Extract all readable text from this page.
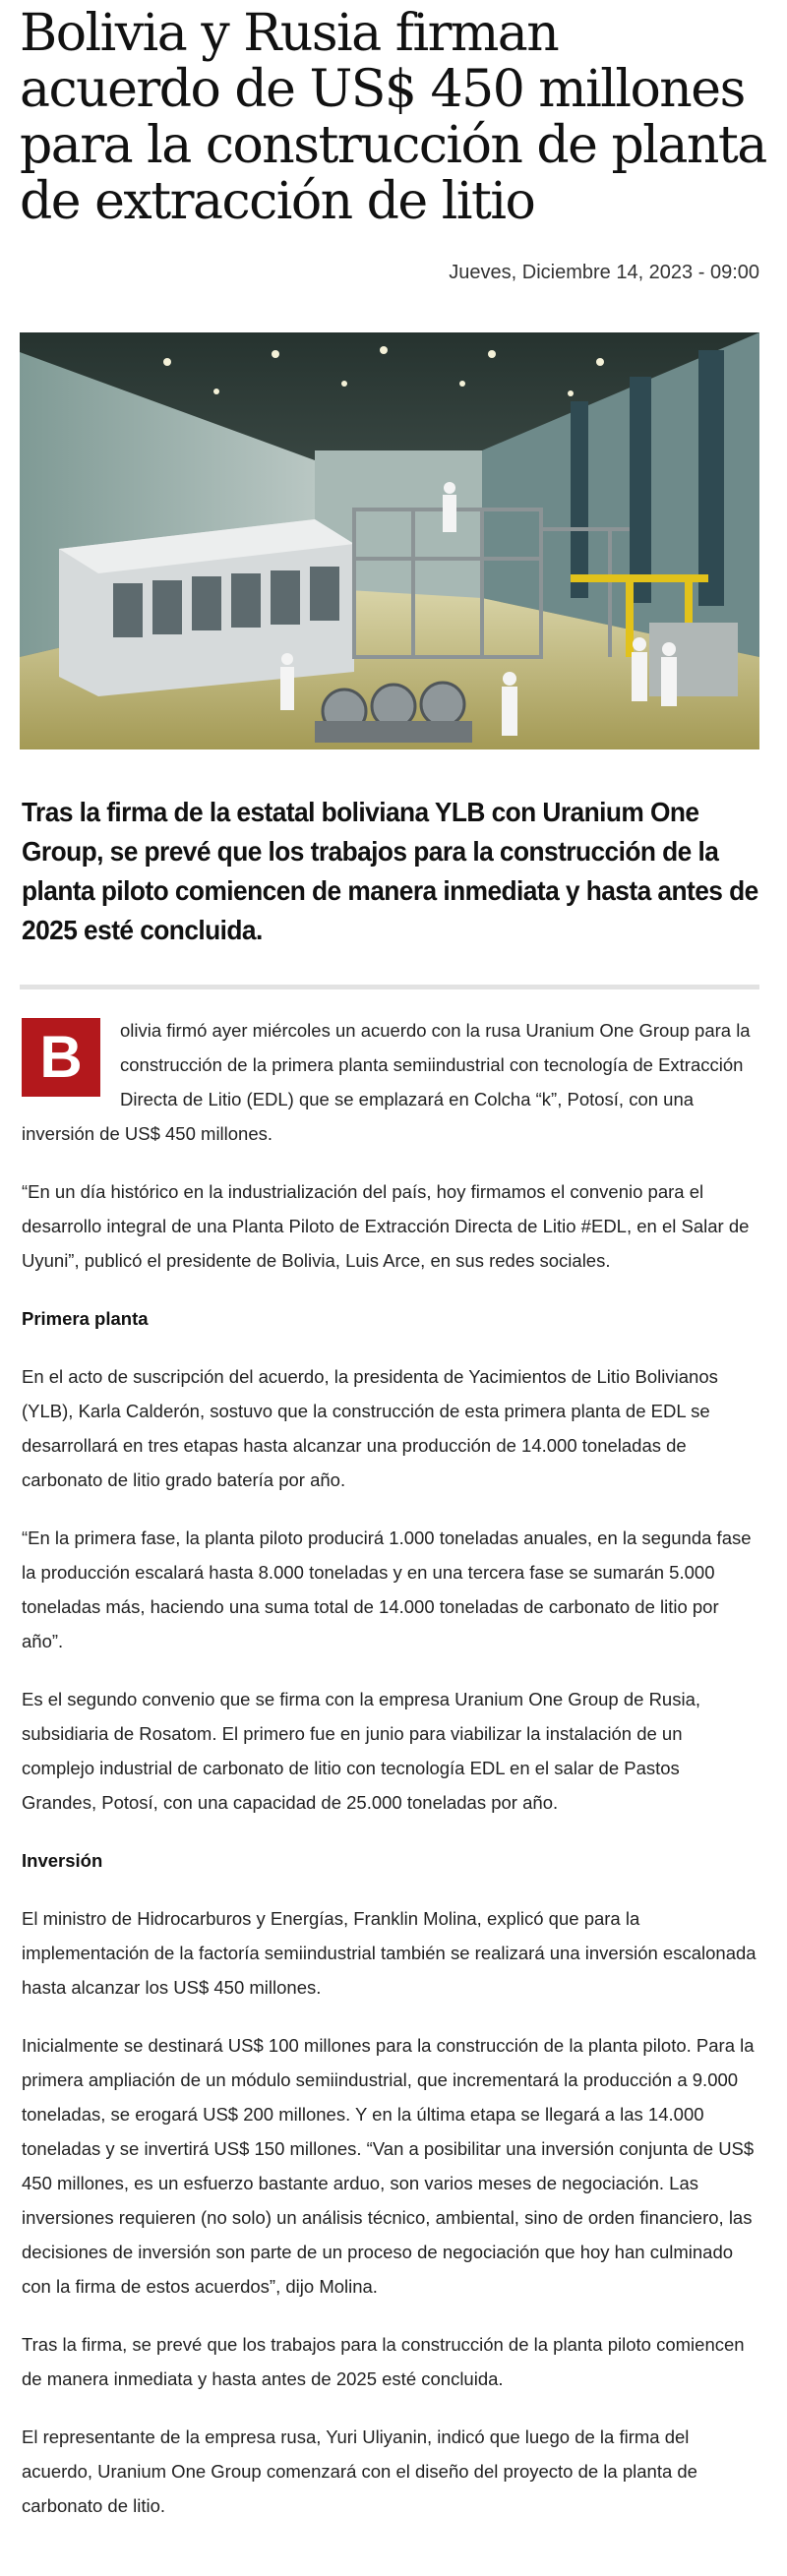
Bolivia y Rusia firman acuerdo de US$ 450 millones para la construcción de planta de extracción de litio
Jueves, Diciembre 14, 2023 - 09:00
Tras la firma de la estatal boliviana YLB con Uranium One Group, se prevé que los trabajos para la construcción de la planta piloto comiencen de manera inmediata y hasta antes de 2025 esté concluida.

B	olivia firmó ayer miércoles un acuerdo con la rusa Uranium One Group para la construcción de la primera planta semiindustrial con tecnología de Extracción Directa de Litio (EDL) que se emplazará en Colcha “k”, Potosí, con una inversión de US$ 450 millones.

“En un día histórico en la industrialización del país, hoy firmamos el convenio para el desarrollo integral de una Planta Piloto de Extracción Directa de Litio #EDL, en el Salar de Uyuni”, publicó el presidente de Bolivia, Luis Arce, en sus redes sociales.

Primera planta

En el acto de suscripción del acuerdo, la presidenta de Yacimientos de Litio Bolivianos (YLB), Karla Calderón, sostuvo que la construcción de esta primera planta de EDL se desarrollará en tres etapas hasta alcanzar una producción de 14.000 toneladas de carbonato de litio grado batería por año.

“En la primera fase, la planta piloto producirá 1.000 toneladas anuales, en la segunda fase la producción escalará hasta 8.000 toneladas y en una tercera fase se sumarán 5.000 toneladas más, haciendo una suma total de 14.000 toneladas de carbonato de litio por año”.

Es el segundo convenio que se firma con la empresa Uranium One Group de Rusia, subsidiaria de Rosatom. El primero fue en junio para viabilizar la instalación de un complejo industrial de carbonato de litio con tecnología EDL en el salar de Pastos Grandes, Potosí, con una capacidad de 25.000 toneladas por año.

Inversión

El ministro de Hidrocarburos y Energías, Franklin Molina, explicó que para la implementación de la factoría semiindustrial también se realizará una inversión escalonada hasta alcanzar los US$ 450 millones.

Inicialmente se destinará US$ 100 millones para la construcción de la planta piloto. Para la primera ampliación de un módulo semiindustrial, que incrementará la producción a 9.000 toneladas, se erogará US$ 200 millones. Y en la última etapa se llegará a las 14.000 toneladas y se invertirá US$ 150 millones. “Van a posibilitar una inversión conjunta de US$ 450 millones, es un esfuerzo bastante arduo, son varios meses de negociación. Las inversiones requieren (no solo) un análisis técnico, ambiental, sino de orden financiero, las decisiones de inversión son parte de un proceso de negociación que hoy han culminado con la firma de estos acuerdos”, dijo Molina.

Tras la firma, se prevé que los trabajos para la construcción de la planta piloto comiencen de manera inmediata y hasta antes de 2025 esté concluida.

El representante de la empresa rusa, Yuri Uliyanin, indicó que luego de la firma del acuerdo, Uranium One Group comenzará con el diseño del proyecto de la planta de carbonato de litio.
